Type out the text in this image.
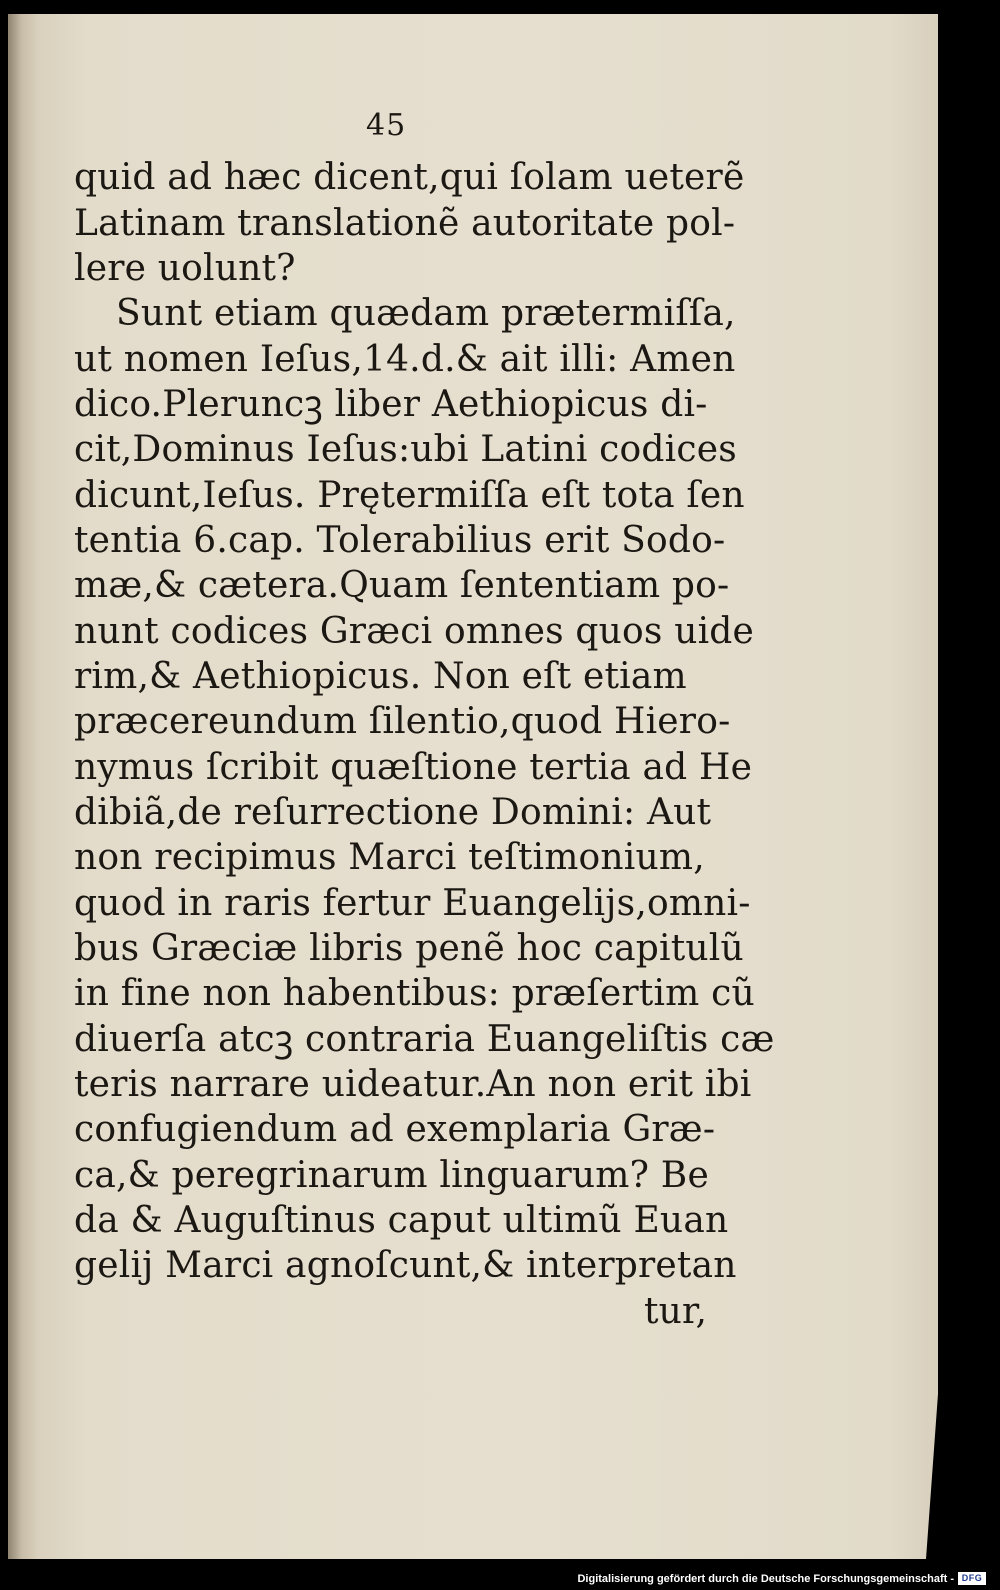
45
quid ad hæc dicent,qui ſolam ueterẽ
Latinam translationẽ autoritate pol-
lere uolunt?
Sunt etiam quædam prætermiſſa,
ut nomen Ieſus,14.d.& ait illi: Amen
dico.Pleruncꝫ liber Aethiopicus di-
cit,Dominus Ieſus:ubi Latini codices
dicunt,Ieſus. Prętermiſſa eſt tota ſen
tentia 6.cap. Tolerabilius erit Sodo-
mæ,& cætera.Quam ſententiam po-
nunt codices Græci omnes quos uide
rim,& Aethiopicus. Non eſt etiam
præcereundum ſilentio,quod Hiero-
nymus ſcribit quæſtione tertia ad He
dibiã,de reſurrectione Domini: Aut
non recipimus Marci teſtimonium,
quod in raris fertur Euangelijs,omni-
bus Græciæ libris penẽ hoc capitulũ
in fine non habentibus: præſertim cũ
diuerſa atcꝫ contraria Euangeliſtis cæ
teris narrare uideatur.An non erit ibi
confugiendum ad exemplaria Græ-
ca,& peregrinarum linguarum? Be
da & Auguſtinus caput ultimũ Euan
gelij Marci agnoſcunt,& interpretan
tur,
Digitalisierung gefördert durch die Deutsche Forschungsgemeinschaft - DFG
